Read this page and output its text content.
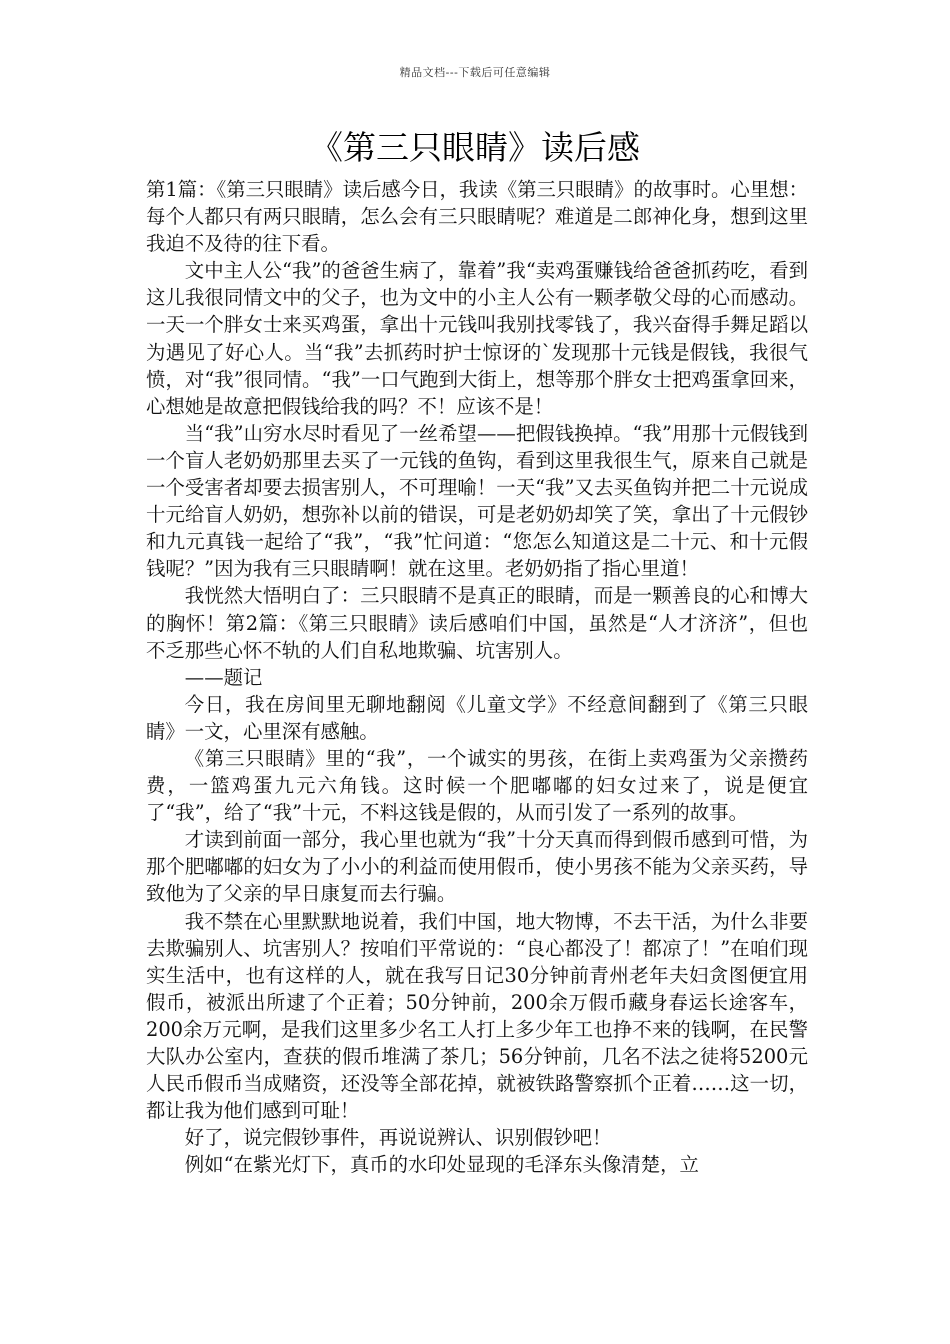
精品文档---下载后可任意编辑
《第三只眼睛》读后感

第1篇：《第三只眼睛》读后感今日，我读《第三只眼睛》的故事时。心里想：每个人都只有两只眼睛，怎么会有三只眼睛呢？难道是二郎神化身，想到这里我迫不及待的往下看。

文中主人公“我”的爸爸生病了，靠着”我“卖鸡蛋赚钱给爸爸抓药吃，看到这儿我很同情文中的父子，也为文中的小主人公有一颗孝敬父母的心而感动。一天一个胖女士来买鸡蛋，拿出十元钱叫我别找零钱了，我兴奋得手舞足蹈以为遇见了好心人。当“我”去抓药时护士惊讶的`发现那十元钱是假钱，我很气愤，对“我”很同情。“我”一口气跑到大街上，想等那个胖女士把鸡蛋拿回来，心想她是故意把假钱给我的吗？不！应该不是！

当“我”山穷水尽时看见了一丝希望——把假钱换掉。“我”用那十元假钱到一个盲人老奶奶那里去买了一元钱的鱼钩，看到这里我很生气，原来自己就是一个受害者却要去损害别人，不可理喻！一天“我”又去买鱼钩并把二十元说成十元给盲人奶奶，想弥补以前的错误，可是老奶奶却笑了笑，拿出了十元假钞和九元真钱一起给了“我”，“我”忙问道：“您怎么知道这是二十元、和十元假钱呢？”因为我有三只眼睛啊！就在这里。老奶奶指了指心里道！

我恍然大悟明白了：三只眼睛不是真正的眼睛，而是一颗善良的心和博大的胸怀！第2篇：《第三只眼睛》读后感咱们中国，虽然是“人才济济”，但也不乏那些心怀不轨的人们自私地欺骗、坑害别人。

——题记

今日，我在房间里无聊地翻阅《儿童文学》不经意间翻到了《第三只眼睛》一文，心里深有感触。

《第三只眼睛》里的“我”，一个诚实的男孩，在街上卖鸡蛋为父亲攒药费，一篮鸡蛋九元六角钱。这时候一个肥嘟嘟的妇女过来了，说是便宜了“我”，给了“我”十元，不料这钱是假的，从而引发了一系列的故事。

才读到前面一部分，我心里也就为“我”十分天真而得到假币感到可惜，为那个肥嘟嘟的妇女为了小小的利益而使用假币，使小男孩不能为父亲买药，导致他为了父亲的早日康复而去行骗。

我不禁在心里默默地说着，我们中国，地大物博，不去干活，为什么非要去欺骗别人、坑害别人？按咱们平常说的：“良心都没了！都凉了！”在咱们现实生活中，也有这样的人，就在我写日记30分钟前青州老年夫妇贪图便宜用假币，被派出所逮了个正着；50分钟前，200余万假币藏身春运长途客车，200余万元啊，是我们这里多少名工人打上多少年工也挣不来的钱啊，在民警大队办公室内，查获的假币堆满了茶几；56分钟前，几名不法之徒将5200元人民币假币当成赌资，还没等全部花掉，就被铁路警察抓个正着……这一切，都让我为他们感到可耻！

好了，说完假钞事件，再说说辨认、识别假钞吧！

例如“在紫光灯下，真币的水印处显现的毛泽东头像清楚，立
